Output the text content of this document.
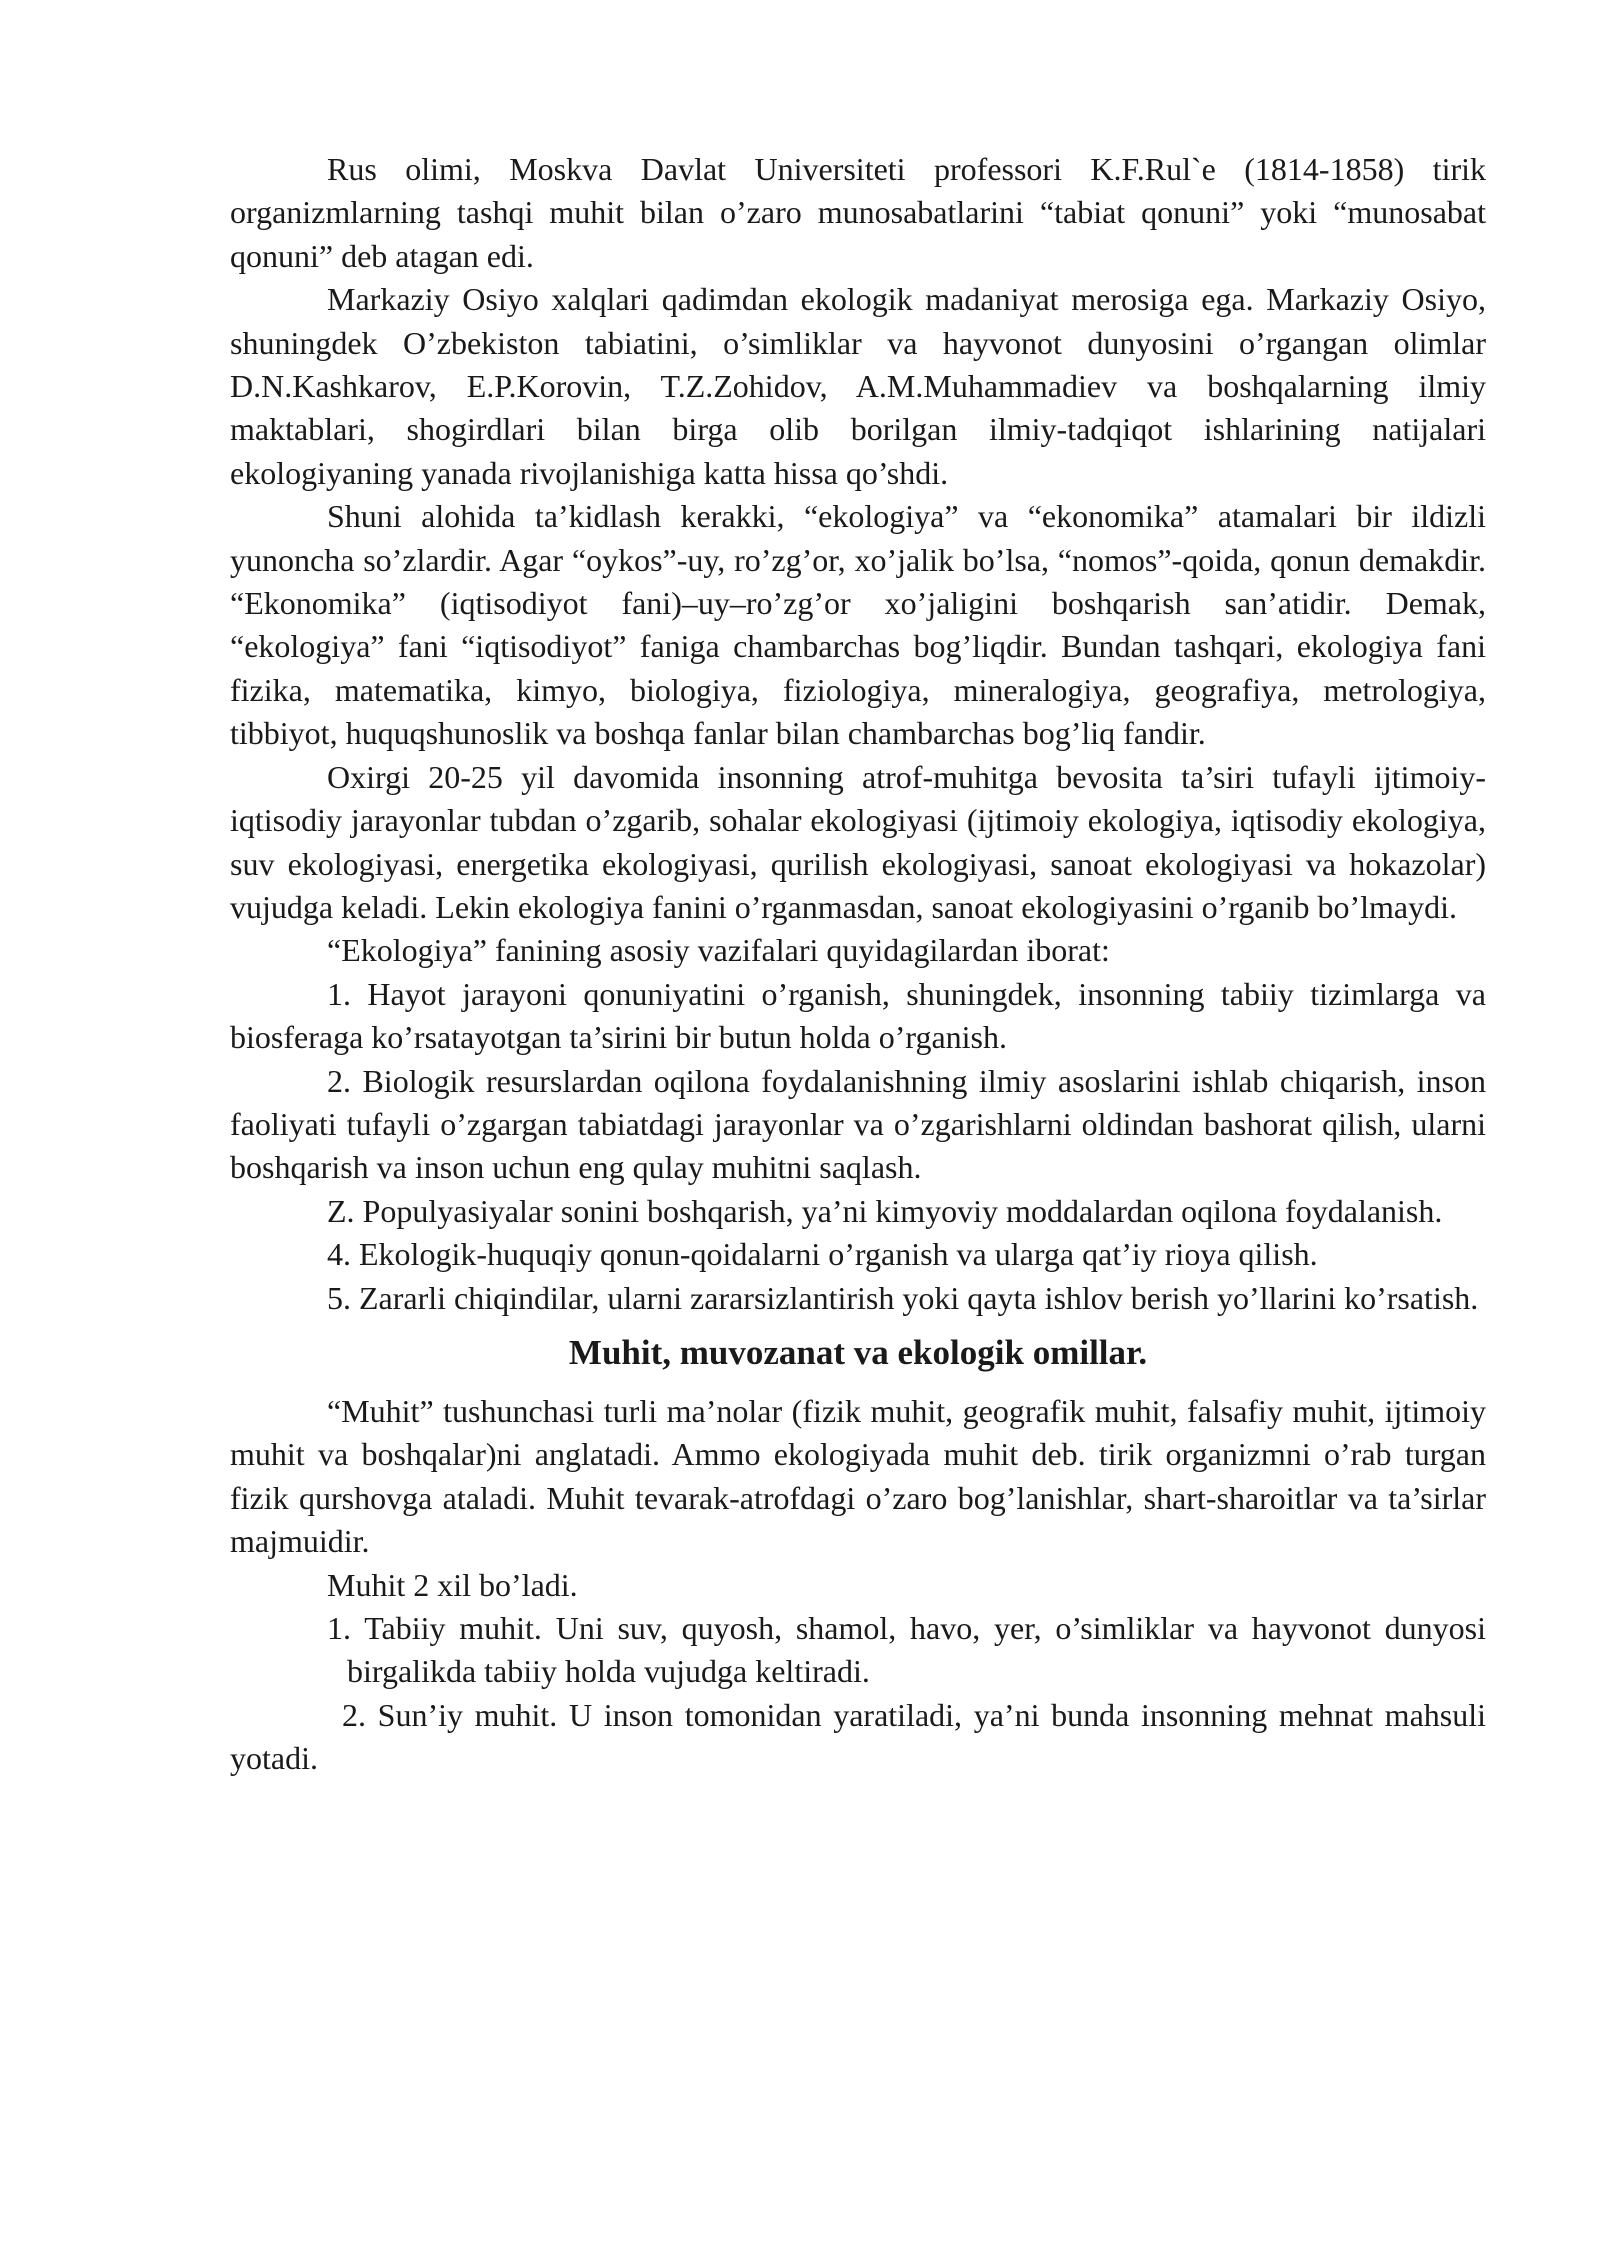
Rus olimi, Moskva Davlat Universiteti professori K.F.Rul`e (1814-1858) tirik organizmlarning tashqi muhit bilan o’zaro munosabatlarini “tabiat qonuni” yoki “munosabat qonuni” deb atagan edi.

Markaziy Osiyo xalqlari qadimdan ekologik madaniyat merosiga ega. Markaziy Osiyo, shuningdek O’zbekiston tabiatini, o’simliklar va hayvonot dunyosini o’rgangan olimlar D.N.Kashkarov, E.P.Korovin, T.Z.Zohidov, A.M.Muhammadiev va boshqalarning ilmiy maktablari, shogirdlari bilan birga olib borilgan ilmiy-tadqiqot ishlarining natijalari ekologiyaning yanada rivojlanishiga katta hissa qo’shdi.

Shuni alohida ta’kidlash kerakki, “ekologiya” va “ekonomika” atamalari bir ildizli yunoncha so’zlardir. Agar “oykos”-uy, ro’zg’or, xo’jalik bo’lsa, “nomos”-qoida, qonun demakdir. “Ekonomika” (iqtisodiyot fani)–uy–ro’zg’or xo’jaligini boshqarish san’atidir. Demak, “ekologiya” fani “iqtisodiyot” faniga chambarchas bog’liqdir. Bundan tashqari, ekologiya fani fizika, matematika, kimyo, biologiya, fiziologiya, mineralogiya, geografiya, metrologiya, tibbiyot, huquqshunoslik va boshqa fanlar bilan chambarchas bog’liq fandir.

Oxirgi 20-25 yil davomida insonning atrof-muhitga bevosita ta’siri tufayli ijtimoiy-iqtisodiy jarayonlar tubdan o’zgarib, sohalar ekologiyasi (ijtimoiy ekologiya, iqtisodiy ekologiya, suv ekologiyasi, energetika ekologiyasi, qurilish ekologiyasi, sanoat ekologiyasi va hokazolar) vujudga keladi. Lekin ekologiya fanini o’rganmasdan, sanoat ekologiyasini o’rganib bo’lmaydi.

“Ekologiya” fanining asosiy vazifalari quyidagilardan iborat:

1. Hayot jarayoni qonuniyatini o’rganish, shuningdek, insonning tabiiy tizimlarga va biosferaga ko’rsatayotgan ta’sirini bir butun holda o’rganish.

2. Biologik resurslardan oqilona foydalanishning ilmiy asoslarini ishlab chiqarish, inson faoliyati tufayli o’zgargan tabiatdagi jarayonlar va o’zgarishlarni oldindan bashorat qilish, ularni boshqarish va inson uchun eng qulay muhitni saqlash.

Z. Populyasiyalar sonini boshqarish, ya’ni kimyoviy moddalardan oqilona foydalanish.

4. Ekologik-huquqiy qonun-qoidalarni o’rganish va ularga qat’iy rioya qilish.

5. Zararli chiqindilar, ularni zararsizlantirish yoki qayta ishlov berish yo’llarini ko’rsatish.

Muhit, muvozanat va ekologik omillar.

“Muhit” tushunchasi turli ma’nolar (fizik muhit, geografik muhit, falsafiy muhit, ijtimoiy muhit va boshqalar)ni anglatadi. Ammo ekologiyada muhit deb. tirik organizmni o’rab turgan fizik qurshovga ataladi. Muhit tevarak-atrofdagi o’zaro bog’lanishlar, shart-sharoitlar va ta’sirlar majmuidir.

Muhit 2 xil bo’ladi.

1. Tabiiy muhit. Uni suv, quyosh, shamol, havo, yer, o’simliklar va hayvonot dunyosi birgalikda tabiiy holda vujudga keltiradi.

2. Sun’iy muhit. U inson tomonidan yaratiladi, ya’ni bunda insonning mehnat mahsuli yotadi.
